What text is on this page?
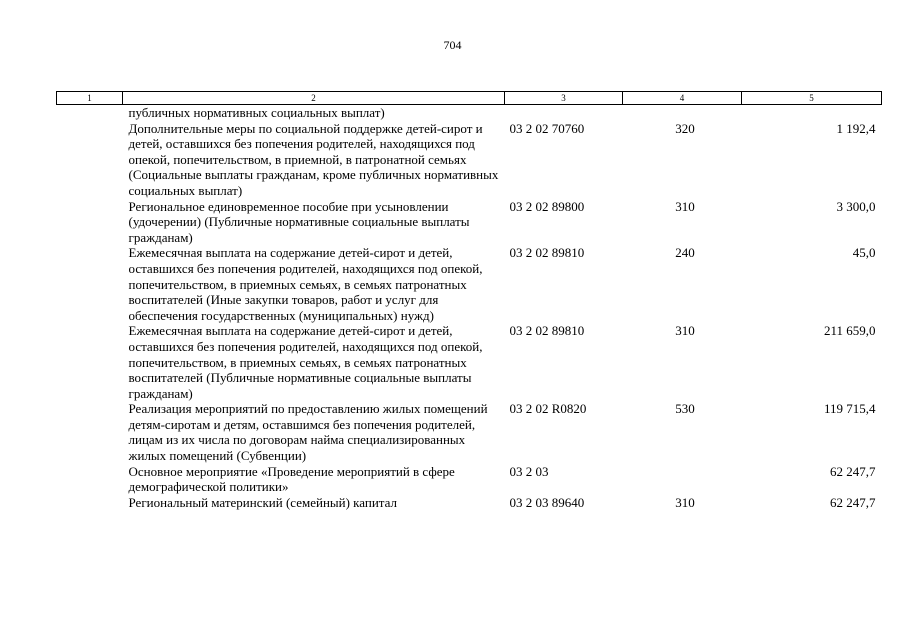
704
1	2	3	4	5
	публичных нормативных социальных выплат)			
	Дополнительные меры по социальной поддержке детей-сирот и детей, оставшихся без попечения родителей, находящихся под опекой, попечительством, в приемной, в патронатной семьях (Социальные выплаты гражданам, кроме публичных нормативных социальных выплат)	03 2 02 70760	320	1 192,4
	Региональное единовременное пособие при усыновлении (удочерении) (Публичные нормативные социальные выплаты гражданам)	03 2 02 89800	310	3 300,0
	Ежемесячная выплата на содержание детей-сирот и детей, оставшихся без попечения родителей, находящихся под опекой, попечительством, в приемных семьях, в семьях патронатных воспитателей (Иные закупки товаров, работ и услуг для обеспечения государственных (муниципальных) нужд)	03 2 02 89810	240	45,0
	Ежемесячная выплата на содержание детей-сирот и детей, оставшихся без попечения родителей, находящихся под опекой, попечительством, в приемных семьях, в семьях патронатных воспитателей (Публичные нормативные социальные выплаты гражданам)	03 2 02 89810	310	211 659,0
	Реализация мероприятий по предоставлению жилых помещений детям-сиротам и детям, оставшимся без попечения родителей, лицам из их числа по договорам найма специализированных жилых помещений (Субвенции)	03 2 02 R0820	530	119 715,4
	Основное мероприятие «Проведение мероприятий в сфере демографической политики»	03 2 03		62 247,7
	Региональный материнский (семейный) капитал	03 2 03 89640	310	62 247,7
